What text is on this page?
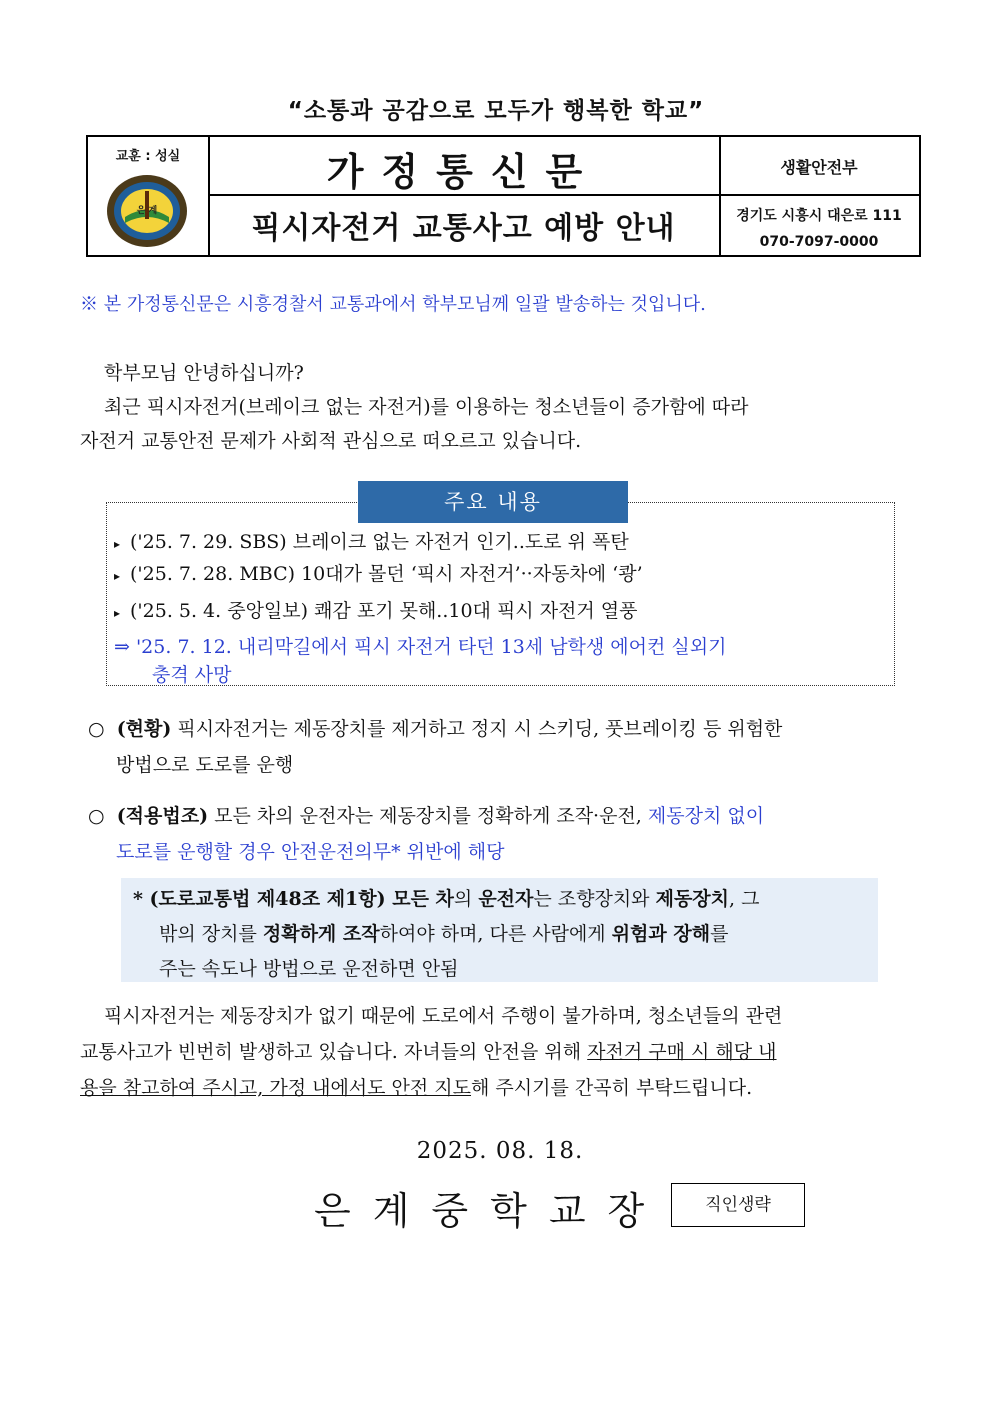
“소통과 공감으로 모두가 행복한 학교”
교훈 : 성실
은 계
가정통신문
픽시자전거 교통사고 예방 안내
생활안전부
경기도 시흥시 대은로 111
070-7097-0000
※ 본 가정통신문은 시흥경찰서 교통과에서 학부모님께 일괄 발송하는 것입니다.
학부모님 안녕하십니까?
최근 픽시자전거(브레이크 없는 자전거)를 이용하는 청소년들이 증가함에 따라
자전거 교통안전 문제가 사회적 관심으로 떠오르고 있습니다.
주요 내용
▸ ('25. 7. 29. SBS) 브레이크 없는 자전거 인기..도로 위 폭탄
▸ ('25. 7. 28. MBC) 10대가 몰던 ‘픽시 자전거’··자동차에 ‘쾅’
▸ ('25. 5. 4. 중앙일보) 쾌감 포기 못해..10대 픽시 자전거 열풍
⇒ '25. 7. 12. 내리막길에서 픽시 자전거 타던 13세 남학생 에어컨 실외기
충격 사망
○ (현황) 픽시자전거는 제동장치를 제거하고 정지 시 스키딩, 풋브레이킹 등 위험한
방법으로 도로를 운행
○ (적용법조) 모든 차의 운전자는 제동장치를 정확하게 조작·운전, 제동장치 없이
도로를 운행할 경우 안전운전의무* 위반에 해당
* (도로교통법 제48조 제1항) 모든 차의 운전자는 조향장치와 제동장치, 그
밖의 장치를 정확하게 조작하여야 하며, 다른 사람에게 위험과 장해를
주는 속도나 방법으로 운전하면 안됨
픽시자전거는 제동장치가 없기 때문에 도로에서 주행이 불가하며, 청소년들의 관련
교통사고가 빈번히 발생하고 있습니다. 자녀들의 안전을 위해 자전거 구매 시 해당 내
용을 참고하여 주시고, 가정 내에서도 안전 지도해 주시기를 간곡히 부탁드립니다.
2025. 08. 18.
은계중학교장	직인생략
